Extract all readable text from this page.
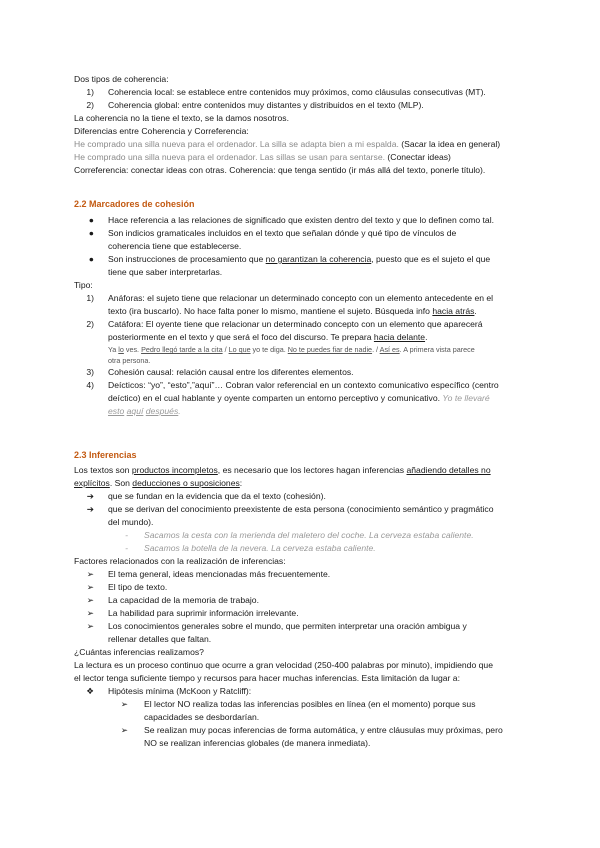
Dos tipos de coherencia:
1) Coherencia local: se establece entre contenidos muy próximos, como cláusulas consecutivas (MT).
2) Coherencia global: entre contenidos muy distantes y distribuidos en el texto (MLP).
La coherencia no la tiene el texto, se la damos nosotros.
Diferencias entre Coherencia y Correferencia:
He comprado una silla nueva para el ordenador. La silla se adapta bien a mi espalda. (Sacar la idea en general)
He comprado una silla nueva para el ordenador. Las sillas se usan para sentarse. (Conectar ideas)
Correferencia: conectar ideas con otras. Coherencia: que tenga sentido (ir más allá del texto, ponerle título).
2.2 Marcadores de cohesión
● Hace referencia a las relaciones de significado que existen dentro del texto y que lo definen como tal.
● Son indicios gramaticales incluidos en el texto que señalan dónde y qué tipo de vínculos de
coherencia tiene que establecerse.
● Son instrucciones de procesamiento que no garantizan la coherencia, puesto que es el sujeto el que
tiene que saber interpretarlas.
Tipo:
1) Anáforas: el sujeto tiene que relacionar un determinado concepto con un elemento antecedente en el
texto (ira buscarlo). No hace falta poner lo mismo, mantiene el sujeto. Búsqueda info hacia atrás.
2) Catáfora: El oyente tiene que relacionar un determinado concepto con un elemento que aparecerá
posteriormente en el texto y que será el foco del discurso. Te prepara hacia delante.
Ya lo ves. Pedro llegó tarde a la cita / Lo que yo te diga. No te puedes fiar de nadie. / Así es. A primera vista parece
otra persona.
3) Cohesión causal: relación causal entre los diferentes elementos.
4) Deícticos: “yo”, “esto”,”aquí”… Cobran valor referencial en un contexto comunicativo específico (centro
deíctico) en el cual hablante y oyente comparten un entorno perceptivo y comunicativo. Yo te llevaré
esto aquí después.
2.3 Inferencias
Los textos son productos incompletos, es necesario que los lectores hagan inferencias añadiendo detalles no
explícitos. Son deducciones o suposiciones:
➔ que se fundan en la evidencia que da el texto (cohesión).
➔ que se derivan del conocimiento preexistente de esta persona (conocimiento semántico y pragmático
del mundo).
- Sacamos la cesta con la merienda del maletero del coche. La cerveza estaba caliente.
- Sacamos la botella de la nevera. La cerveza estaba caliente.
Factores relacionados con la realización de inferencias:
➢ El tema general, ideas mencionadas más frecuentemente.
➢ El tipo de texto.
➢ La capacidad de la memoria de trabajo.
➢ La habilidad para suprimir información irrelevante.
➢ Los conocimientos generales sobre el mundo, que permiten interpretar una oración ambigua y
rellenar detalles que faltan.
¿Cuántas inferencias realizamos?
La lectura es un proceso continuo que ocurre a gran velocidad (250-400 palabras por minuto), impidiendo que
el lector tenga suficiente tiempo y recursos para hacer muchas inferencias. Esta limitación da lugar a:
❖ Hipótesis mínima (McKoon y Ratcliff):
➢ El lector NO realiza todas las inferencias posibles en línea (en el momento) porque sus
capacidades se desbordarían.
➢ Se realizan muy pocas inferencias de forma automática, y entre cláusulas muy próximas, pero
NO se realizan inferencias globales (de manera inmediata).
